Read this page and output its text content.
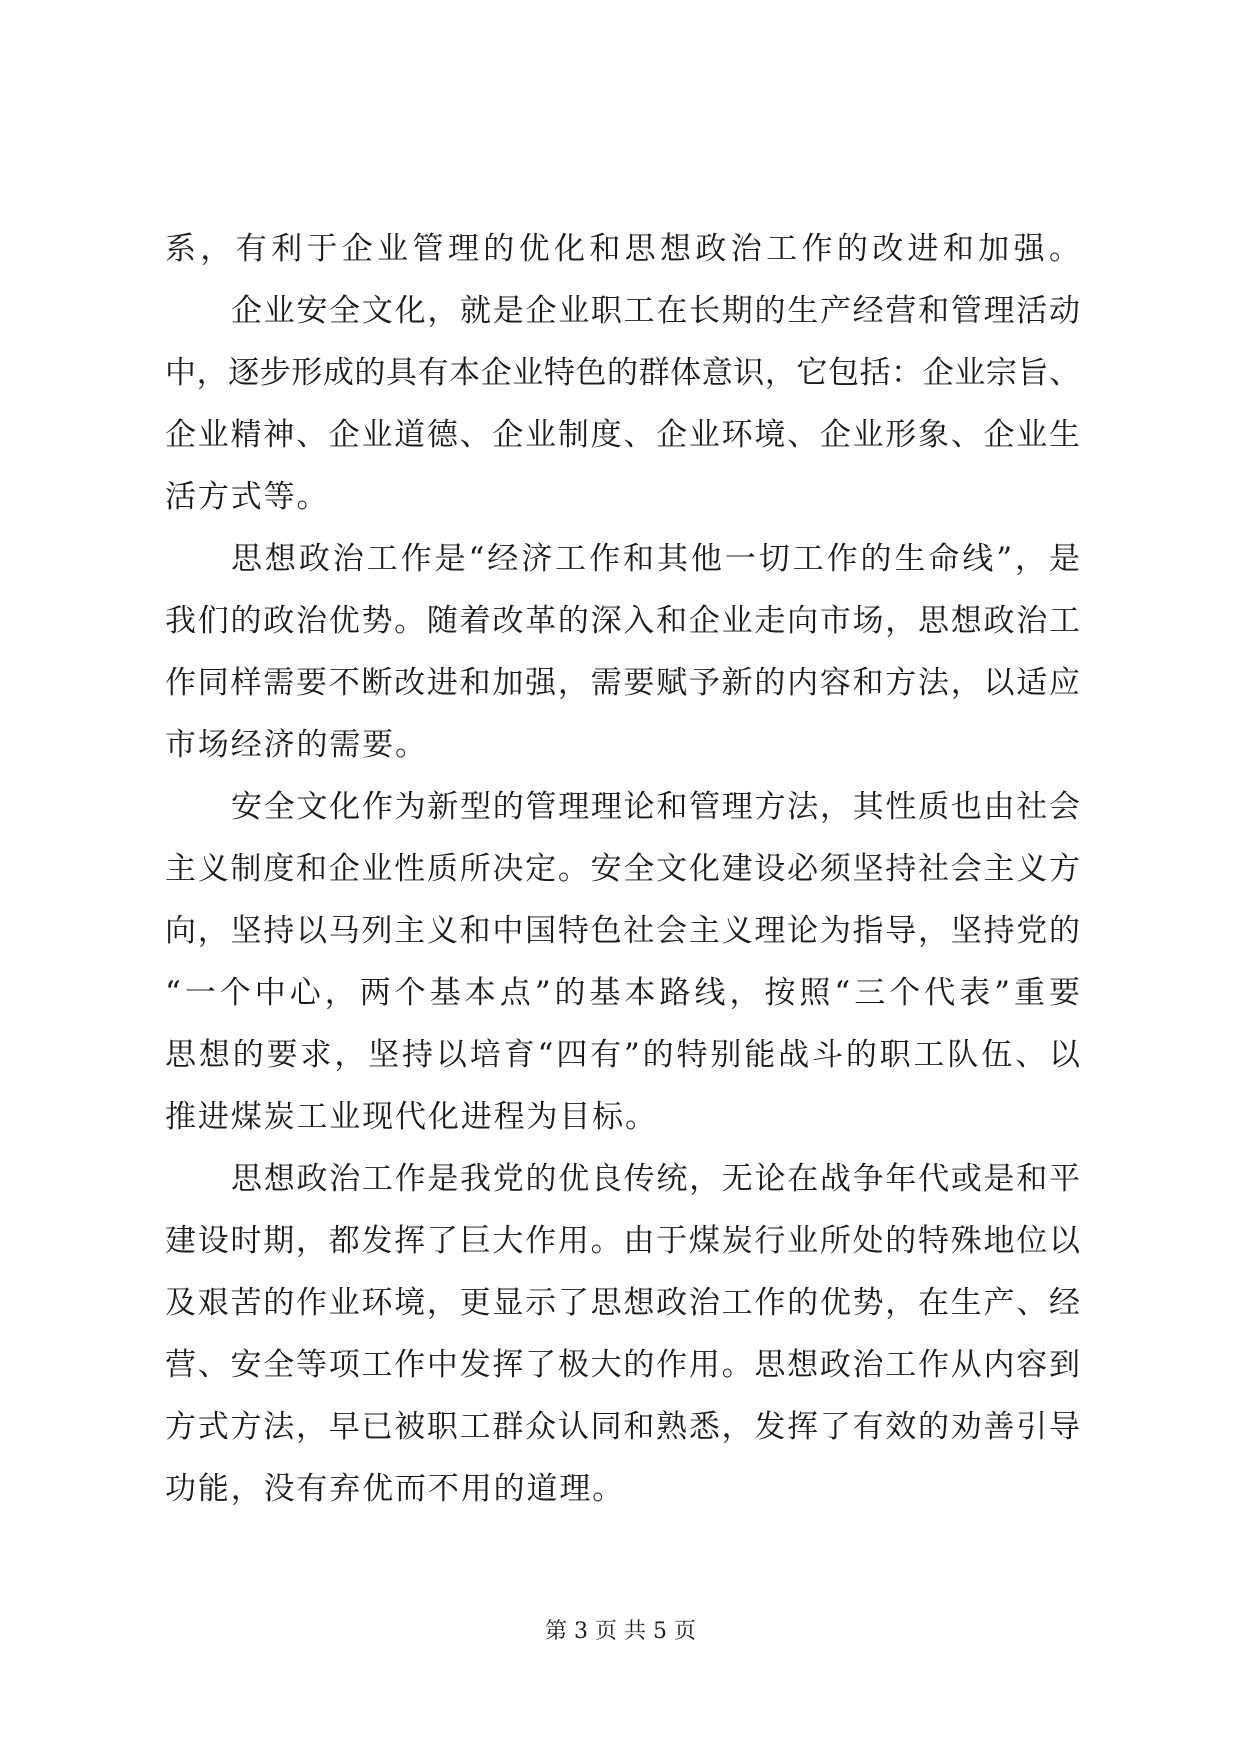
系，有利于企业管理的优化和思想政治工作的改进和加强。
企业安全文化，就是企业职工在长期的生产经营和管理活动
中，逐步形成的具有本企业特色的群体意识，它包括：企业宗旨、
企业精神、企业道德、企业制度、企业环境、企业形象、企业生
活方式等。
思想政治工作是“经济工作和其他一切工作的生命线”，是
我们的政治优势。随着改革的深入和企业走向市场，思想政治工
作同样需要不断改进和加强，需要赋予新的内容和方法，以适应
市场经济的需要。
安全文化作为新型的管理理论和管理方法，其性质也由社会
主义制度和企业性质所决定。安全文化建设必须坚持社会主义方
向，坚持以马列主义和中国特色社会主义理论为指导，坚持党的
“一个中心，两个基本点”的基本路线，按照“三个代表”重要
思想的要求，坚持以培育“四有”的特别能战斗的职工队伍、以
推进煤炭工业现代化进程为目标。
思想政治工作是我党的优良传统，无论在战争年代或是和平
建设时期，都发挥了巨大作用。由于煤炭行业所处的特殊地位以
及艰苦的作业环境，更显示了思想政治工作的优势，在生产、经
营、安全等项工作中发挥了极大的作用。思想政治工作从内容到
方式方法，早已被职工群众认同和熟悉，发挥了有效的劝善引导
功能，没有弃优而不用的道理。
第 3 页 共 5 页
